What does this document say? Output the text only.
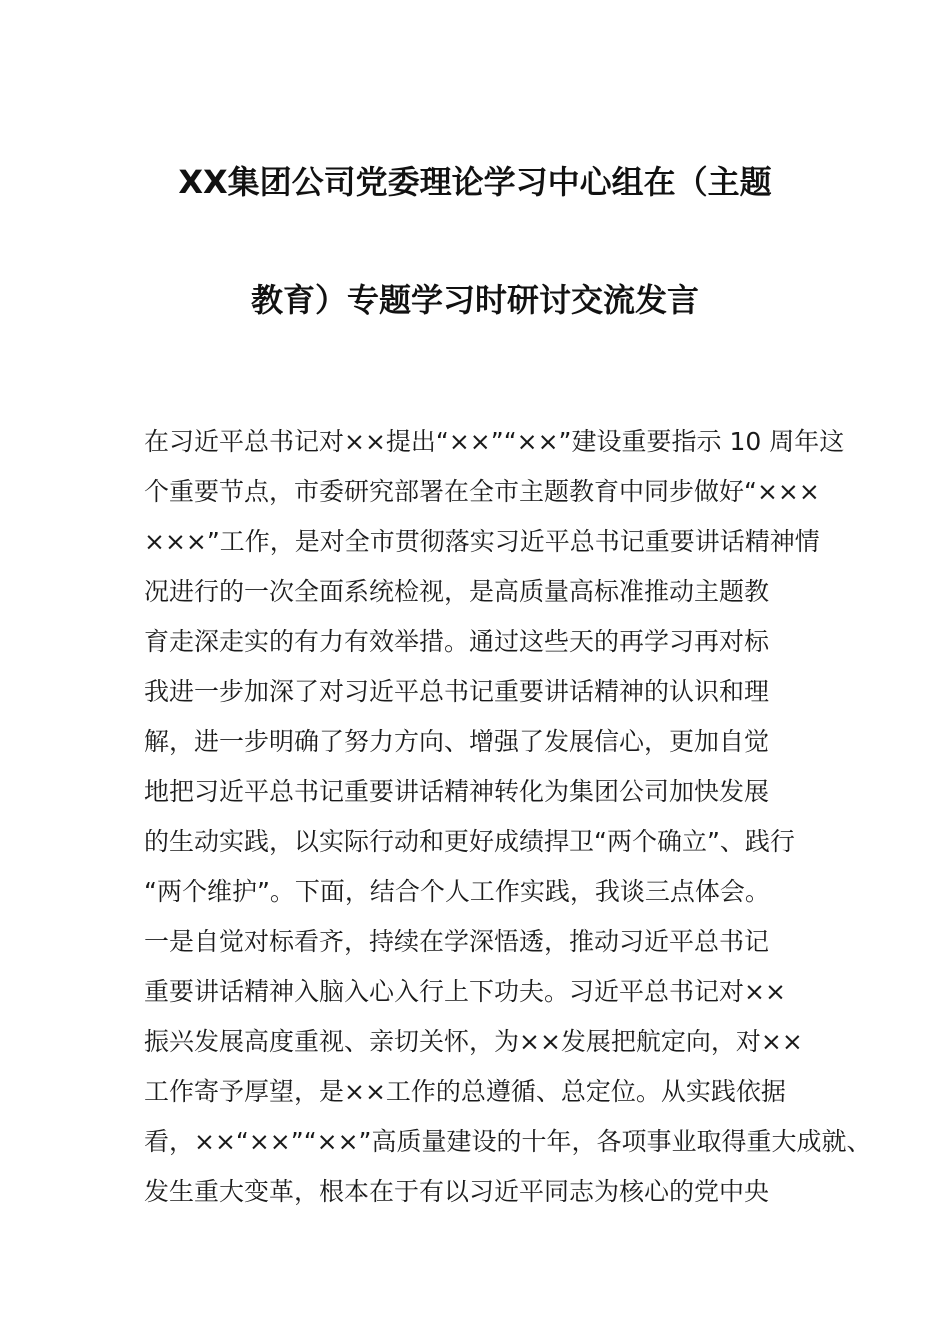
XX集团公司党委理论学习中心组在（主题
教育）专题学习时研讨交流发言
在习近平总书记对××提出“××”“××”建设重要指示 10 周年这
个重要节点，市委研究部署在全市主题教育中同步做好“×××
×××”工作，是对全市贯彻落实习近平总书记重要讲话精神情
况进行的一次全面系统检视，是高质量高标准推动主题教
育走深走实的有力有效举措。通过这些天的再学习再对标
我进一步加深了对习近平总书记重要讲话精神的认识和理
解，进一步明确了努力方向、增强了发展信心，更加自觉
地把习近平总书记重要讲话精神转化为集团公司加快发展
的生动实践，以实际行动和更好成绩捍卫“两个确立”、践行
“两个维护”。下面，结合个人工作实践，我谈三点体会。
一是自觉对标看齐，持续在学深悟透，推动习近平总书记
重要讲话精神入脑入心入行上下功夫。习近平总书记对××
振兴发展高度重视、亲切关怀，为××发展把航定向，对××
工作寄予厚望，是××工作的总遵循、总定位。从实践依据
看，××“××”“××”高质量建设的十年，各项事业取得重大成就、
发生重大变革，根本在于有以习近平同志为核心的党中央
